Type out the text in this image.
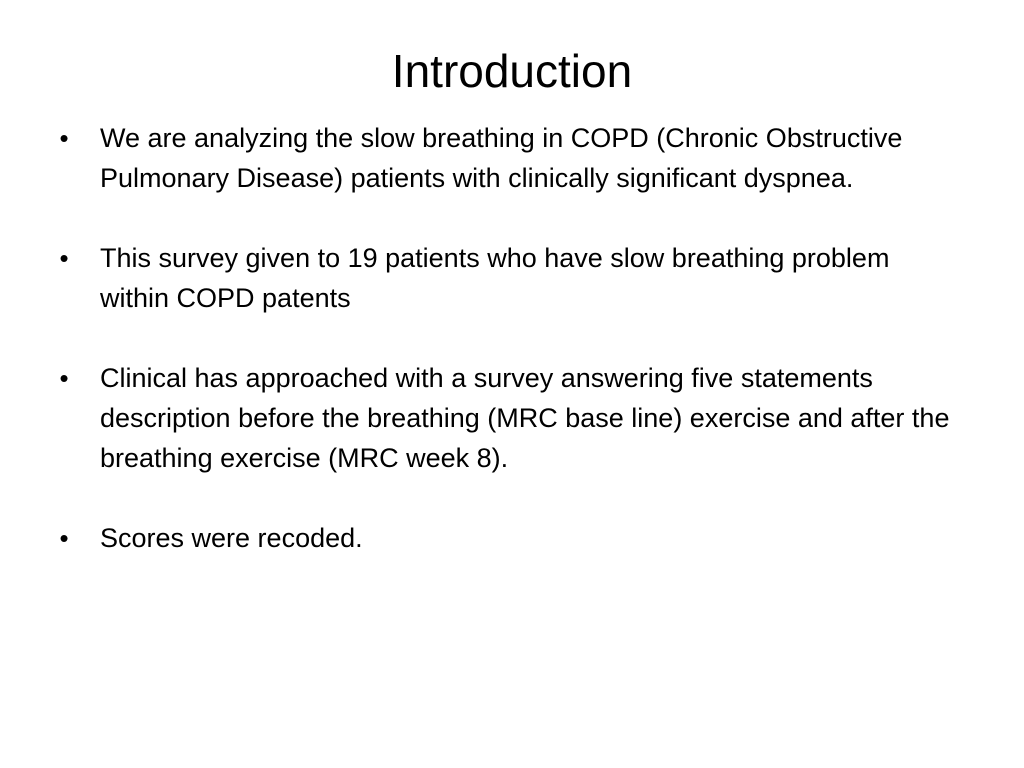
Introduction
• We are analyzing the slow breathing in COPD (Chronic Obstructive Pulmonary Disease) patients with clinically significant dyspnea.
• This survey given to 19 patients who have slow breathing problem within COPD patents
• Clinical has approached with a survey answering five statements description before the breathing (MRC base line) exercise and after the breathing exercise (MRC week 8).
• Scores were recoded.
